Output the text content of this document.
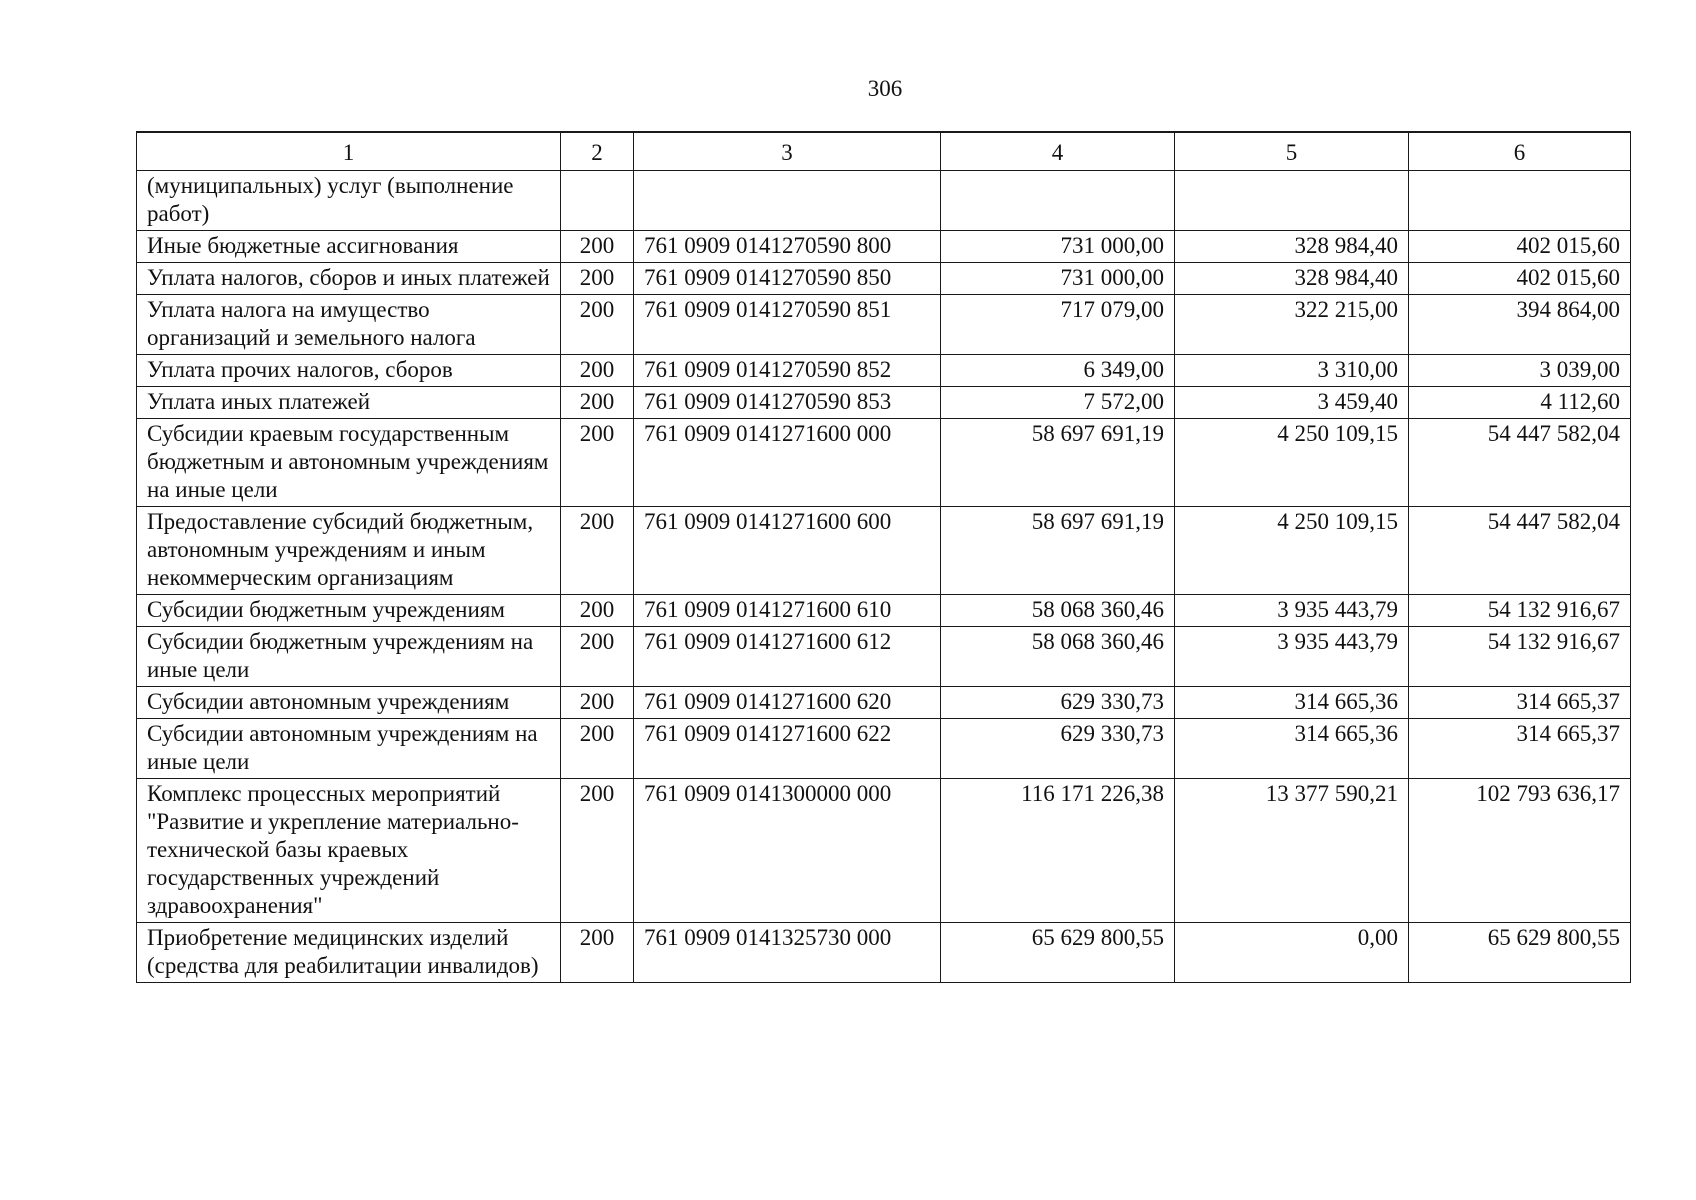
306
1	2	3	4	5	6
(муниципальных) услуг (выполнение работ)					
Иные бюджетные ассигнования	200	761 0909 0141270590 800	731 000,00	328 984,40	402 015,60
Уплата налогов, сборов и иных платежей	200	761 0909 0141270590 850	731 000,00	328 984,40	402 015,60
Уплата налога на имущество организаций и земельного налога	200	761 0909 0141270590 851	717 079,00	322 215,00	394 864,00
Уплата прочих налогов, сборов	200	761 0909 0141270590 852	6 349,00	3 310,00	3 039,00
Уплата иных платежей	200	761 0909 0141270590 853	7 572,00	3 459,40	4 112,60
Субсидии краевым государственным бюджетным и автономным учреждениям на иные цели	200	761 0909 0141271600 000	58 697 691,19	4 250 109,15	54 447 582,04
Предоставление субсидий бюджетным, автономным учреждениям и иным некоммерческим организациям	200	761 0909 0141271600 600	58 697 691,19	4 250 109,15	54 447 582,04
Субсидии бюджетным учреждениям	200	761 0909 0141271600 610	58 068 360,46	3 935 443,79	54 132 916,67
Субсидии бюджетным учреждениям на иные цели	200	761 0909 0141271600 612	58 068 360,46	3 935 443,79	54 132 916,67
Субсидии автономным учреждениям	200	761 0909 0141271600 620	629 330,73	314 665,36	314 665,37
Субсидии автономным учреждениям на иные цели	200	761 0909 0141271600 622	629 330,73	314 665,36	314 665,37
Комплекс процессных мероприятий "Развитие и укрепление материально-технической базы краевых государственных учреждений здравоохранения"	200	761 0909 0141300000 000	116 171 226,38	13 377 590,21	102 793 636,17
Приобретение медицинских изделий (средства для реабилитации инвалидов)	200	761 0909 0141325730 000	65 629 800,55	0,00	65 629 800,55
